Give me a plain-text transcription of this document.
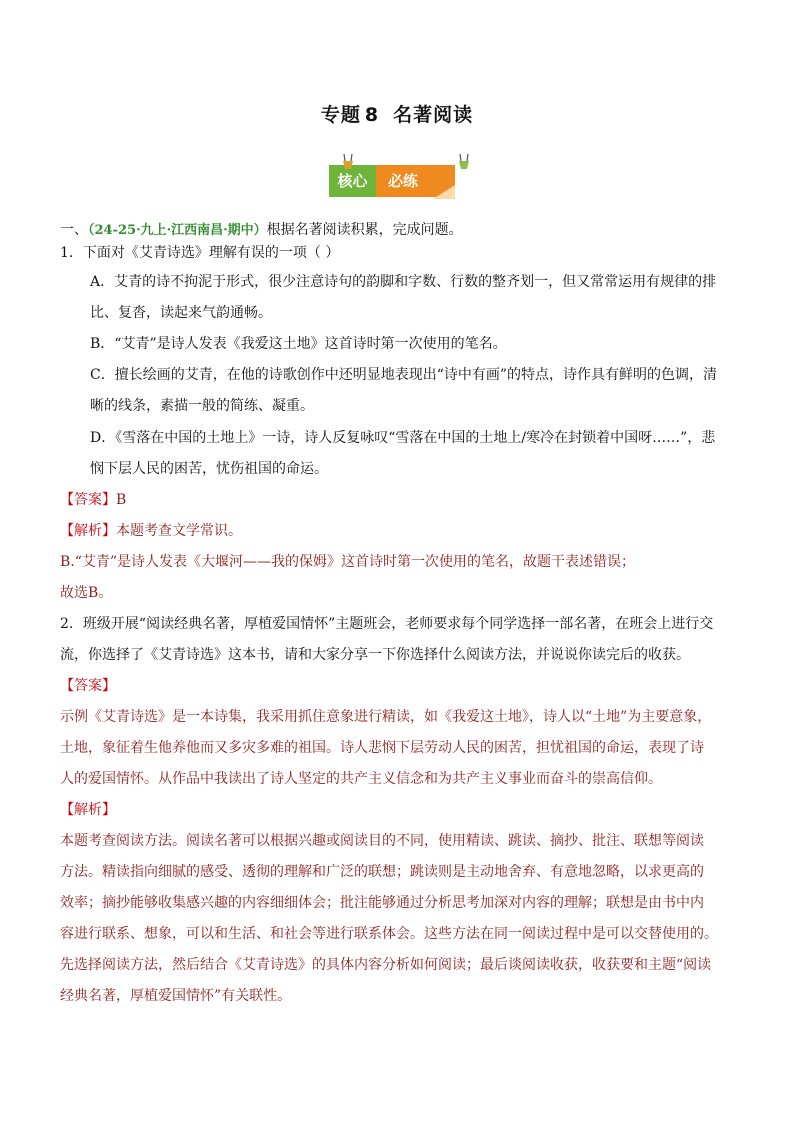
专题 8 名著阅读
核心	必练
一、（24-25·九上·江西南昌·期中）根据名著阅读积累，完成问题。
1．下面对《艾青诗选》理解有误的一项（ ）
A．艾青的诗不拘泥于形式，很少注意诗句的韵脚和字数、行数的整齐划一，但又常常运用有规律的排
比、复沓，读起来气韵通畅。
B．“艾青”是诗人发表《我爱这土地》这首诗时第一次使用的笔名。
C．擅长绘画的艾青，在他的诗歌创作中还明显地表现出“诗中有画”的特点，诗作具有鲜明的色调，清
晰的线条，素描一般的简练、凝重。
D．《雪落在中国的土地上》一诗，诗人反复咏叹“雪落在中国的土地上/寒冷在封锁着中国呀……”，悲
悯下层人民的困苦，忧伤祖国的命运。
【答案】B
【解析】本题考查文学常识。
B.“艾青”是诗人发表《大堰河——我的保姆》这首诗时第一次使用的笔名，故题干表述错误；
故选B。
2．班级开展“阅读经典名著，厚植爱国情怀”主题班会，老师要求每个同学选择一部名著，在班会上进行交
流，你选择了《艾青诗选》这本书，请和大家分享一下你选择什么阅读方法，并说说你读完后的收获。
【答案】
示例《艾青诗选》是一本诗集，我采用抓住意象进行精读，如《我爱这土地》，诗人以“土地”为主要意象，
土地，象征着生他养他而又多灾多难的祖国。诗人悲悯下层劳动人民的困苦，担忧祖国的命运，表现了诗
人的爱国情怀。从作品中我读出了诗人坚定的共产主义信念和为共产主义事业而奋斗的崇高信仰。
【解析】
本题考查阅读方法。阅读名著可以根据兴趣或阅读目的不同，使用精读、跳读、摘抄、批注、联想等阅读
方法。精读指向细腻的感受、透彻的理解和广泛的联想；跳读则是主动地舍弃、有意地忽略，以求更高的
效率；摘抄能够收集感兴趣的内容细细体会；批注能够通过分析思考加深对内容的理解；联想是由书中内
容进行联系、想象，可以和生活、和社会等进行联系体会。这些方法在同一阅读过程中是可以交替使用的。
先选择阅读方法，然后结合《艾青诗选》的具体内容分析如何阅读；最后谈阅读收获，收获要和主题“阅读
经典名著，厚植爱国情怀”有关联性。
